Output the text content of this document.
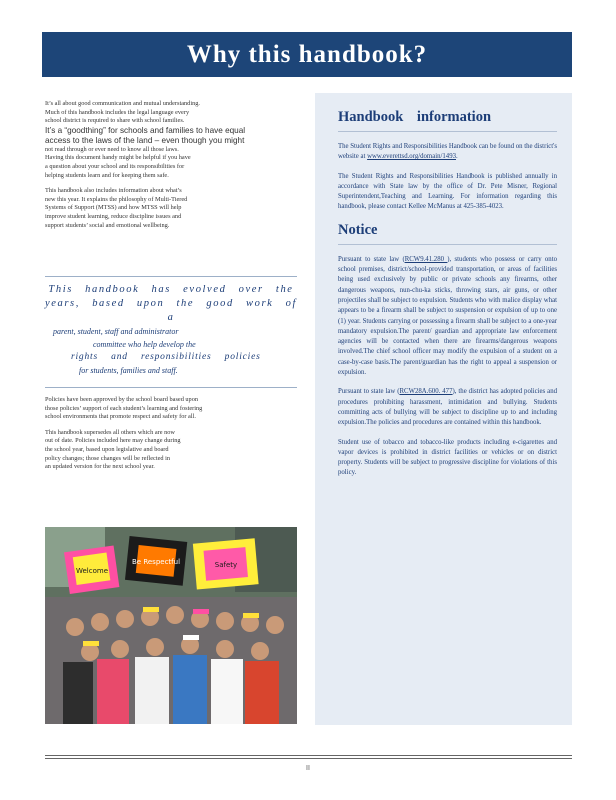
Why this handbook?
It’s all about good communication and mutual understanding.
Much of this handbook includes the legal language every
school district is required to share with school families.
It’s a “goodthing” for schools and families to have equal
access to the laws of the land – even though you might
not read through or ever need to know all those laws.
Having this document handy might be helpful if you have
a question about your school and its responsibilities for
helping students learn and for keeping them safe.
This handbook also includes information about what’s
new this year. It explains the philosophy of Multi-Tiered
Systems of Support (MTSS) and how MTSS will help
improve student learning, reduce discipline issues and
support students’ social and emotional wellbeing.
This handbook has evolved over the
years, based upon the good work of a
parent, student, staff and administrator
committee who help develop the
rights and responsibilities policies
for students, families and staff.
Policies have been approved by the school board based upon
those policies’ support of each student’s learning and fostering
school environments that promote respect and safety for all.
This handbook supersedes all others which are now
out of date. Policies included here may change during
the school year, based upon legislative and board
policy changes; those changes will be reflected in
an updated version for the next school year.
Welcome
Be Respectful	Safety
Handbook information
The Student Rights and Responsibilities Handbook can be found on the district's website at www.everettsd.org/domain/1493.
The Student Rights and Responsibilities Handbook is published annually in accordance with State law by the office of Dr. Pete Misner, Regional Superintendent,Teaching and Learning. For information regarding this handbook, please contact Kellee McManus at 425-385-4023.
Notice
Pursuant to state law (RCW9.41.280 ), students who possess or carry onto school premises, district/school-provided transportation, or areas of facilities being used exclusively by public or private schools any firearms, other dangerous weapons, nun-chu-ka sticks, throwing stars, air guns, or other projectiles shall be subject to expulsion. Students who with malice display what appears to be a firearm shall be subject to suspension or expulsion of up to one (1) year. Students carrying or possessing a firearm shall be subject to a one-year mandatory expulsion.The parent/ guardian and appropriate law enforcement agencies will be contacted when there are firearms/dangerous weapons involved.The chief school officer may modify the expulsion of a student on a case-by-case basis.The parent/guardian has the right to appeal a suspension or expulsion.
Pursuant to state law (RCW28A.600. 477), the district has adopted policies and procedures prohibiting harassment, intimidation and bullying. Students committing acts of bullying will be subject to discipline up to and including expulsion.The policies and procedures are contained within this handbook.
Student use of tobacco and tobacco-like products including e-cigarettes and vapor devices is prohibited in district facilities or vehicles or on district property. Students will be subject to progressive discipline for violations of this policy.
II
